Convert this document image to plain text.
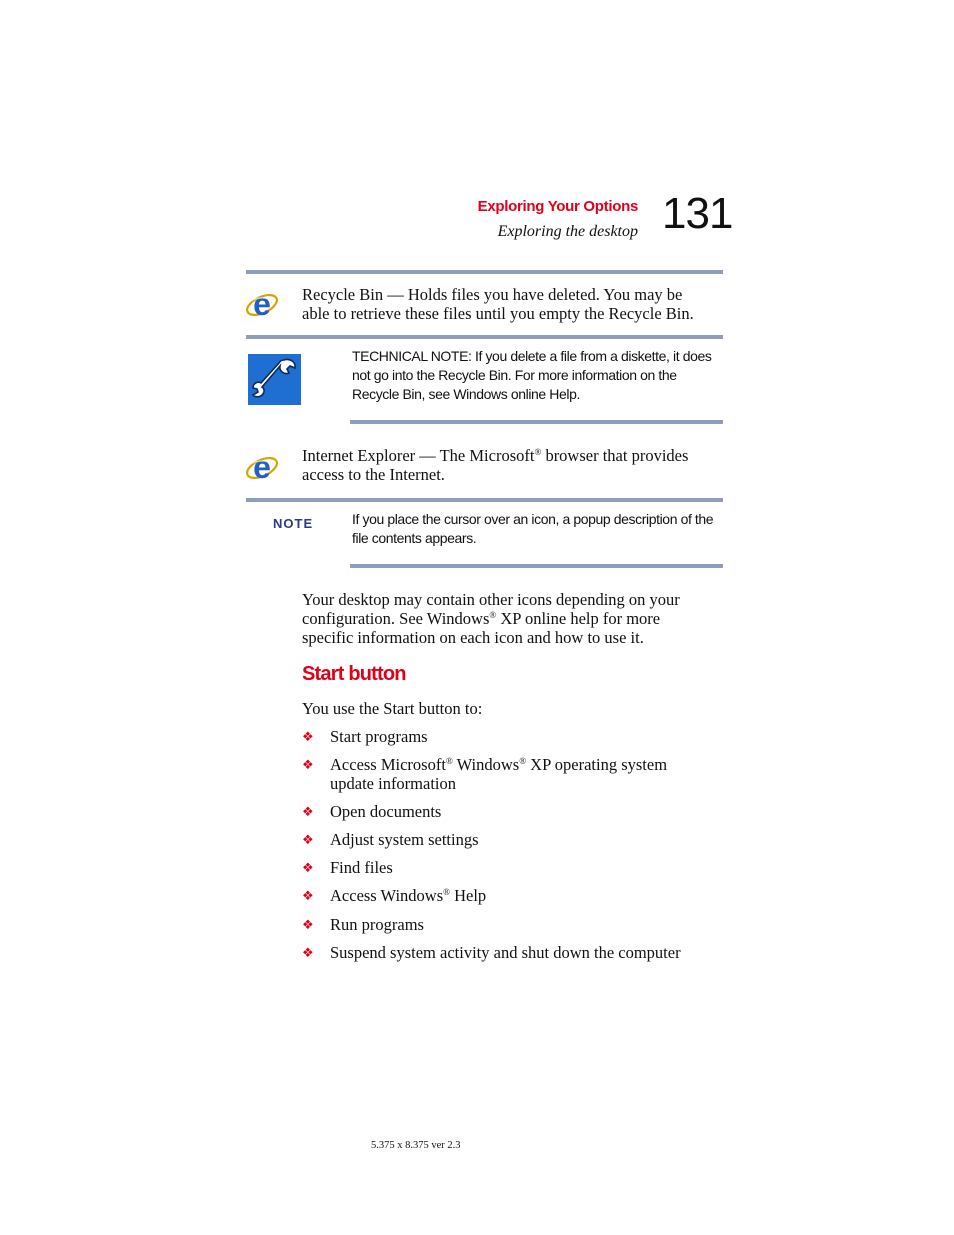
Exploring Your Options
Exploring the desktop 131
e Recycle Bin — Holds files you have deleted. You may be
able to retrieve these files until you empty the Recycle Bin.
TECHNICAL NOTE: If you delete a file from a diskette, it does
not go into the Recycle Bin. For more information on the
Recycle Bin, see Windows online Help.
e Internet Explorer — The Microsoft® browser that provides
access to the Internet.
NOTE	If you place the cursor over an icon, a popup description of the
file contents appears.
Your desktop may contain other icons depending on your
configuration. See Windows® XP online help for more
specific information on each icon and how to use it.
Start button
You use the Start button to:
❖ Start programs
❖ Access Microsoft® Windows® XP operating system
update information
❖ Open documents
❖ Adjust system settings
❖ Find files
❖ Access Windows® Help
❖ Run programs
❖ Suspend system activity and shut down the computer
5.375 x 8.375 ver 2.3
